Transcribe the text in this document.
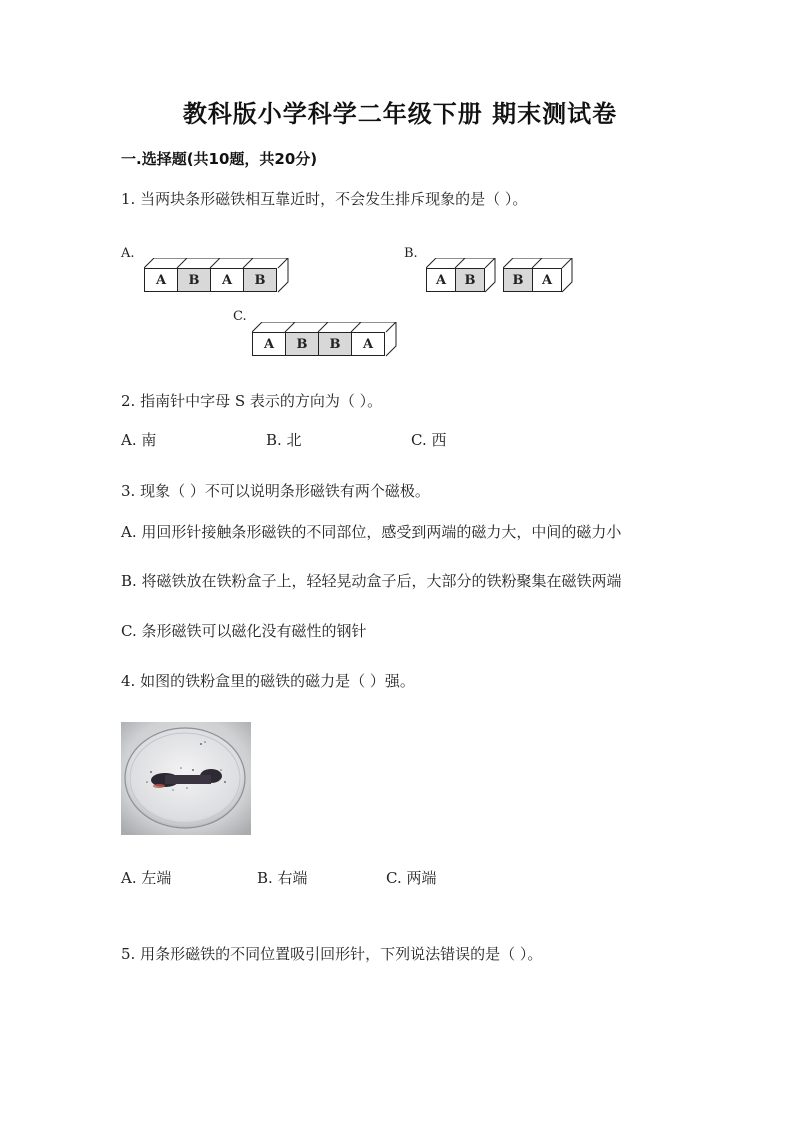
教科版小学科学二年级下册 期末测试卷
一.选择题(共10题，共20分)
1. 当两块条形磁铁相互靠近时，不会发生排斥现象的是（ ）。
A.
A B A B
B.
A B	B A
C.
A B B A
2. 指南针中字母 S 表示的方向为（ ）。
A. 南	B. 北	C. 西
3. 现象（ ）不可以说明条形磁铁有两个磁极。
A. 用回形针接触条形磁铁的不同部位，感受到两端的磁力大，中间的磁力小
B. 将磁铁放在铁粉盒子上，轻轻晃动盒子后，大部分的铁粉聚集在磁铁两端
C. 条形磁铁可以磁化没有磁性的钢针
4. 如图的铁粉盒里的磁铁的磁力是（ ）强。
A. 左端	B. 右端	C. 两端
5. 用条形磁铁的不同位置吸引回形针，下列说法错误的是（ ）。
